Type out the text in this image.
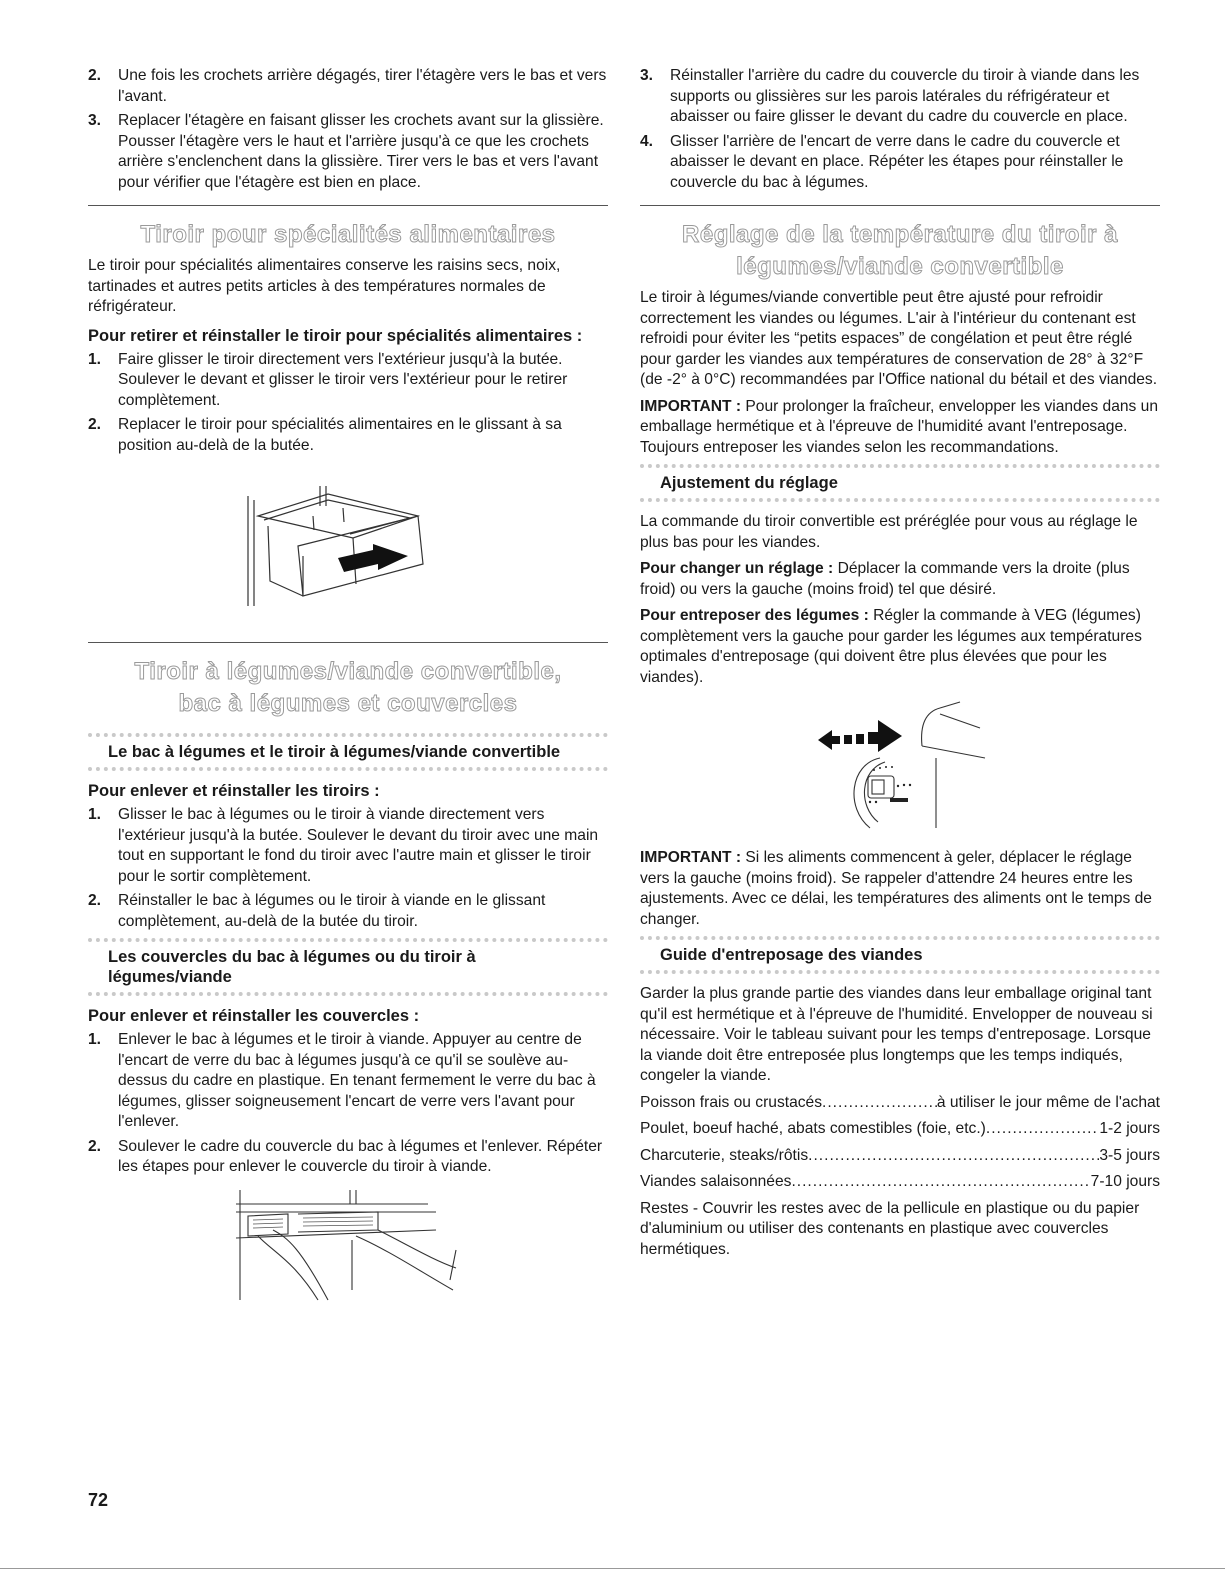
2. Une fois les crochets arrière dégagés, tirer l'étagère vers le bas et vers l'avant.
3. Replacer l'étagère en faisant glisser les crochets avant sur la glissière. Pousser l'étagère vers le haut et l'arrière jusqu'à ce que les crochets arrière s'enclenchent dans la glissière. Tirer vers le bas et vers l'avant pour vérifier que l'étagère est bien en place.
Tiroir pour spécialités alimentaires

Le tiroir pour spécialités alimentaires conserve les raisins secs, noix, tartinades et autres petits articles à des températures normales de réfrigérateur.

Pour retirer et réinstaller le tiroir pour spécialités alimentaires :
1. Faire glisser le tiroir directement vers l'extérieur jusqu'à la butée. Soulever le devant et glisser le tiroir vers l'extérieur pour le retirer complètement.
2. Replacer le tiroir pour spécialités alimentaires en le glissant à sa position au-delà de la butée.
Tiroir à légumes/viande convertible,
bac à légumes et couvercles
Le bac à légumes et le tiroir à légumes/viande convertible
Pour enlever et réinstaller les tiroirs :
1. Glisser le bac à légumes ou le tiroir à viande directement vers l'extérieur jusqu'à la butée. Soulever le devant du tiroir avec une main tout en supportant le fond du tiroir avec l'autre main et glisser le tiroir pour le sortir complètement.
2. Réinstaller le bac à légumes ou le tiroir à viande en le glissant complètement, au-delà de la butée du tiroir.
Les couvercles du bac à légumes ou du tiroir à légumes/viande
Pour enlever et réinstaller les couvercles :
1. Enlever le bac à légumes et le tiroir à viande. Appuyer au centre de l'encart de verre du bac à légumes jusqu'à ce qu'il se soulève au-dessus du cadre en plastique. En tenant fermement le verre du bac à légumes, glisser soigneusement l'encart de verre vers l'avant pour l'enlever.
2. Soulever le cadre du couvercle du bac à légumes et l'enlever. Répéter les étapes pour enlever le couvercle du tiroir à viande.
3. Réinstaller l'arrière du cadre du couvercle du tiroir à viande dans les supports ou glissières sur les parois latérales du réfrigérateur et abaisser ou faire glisser le devant du cadre du couvercle en place.
4. Glisser l'arrière de l'encart de verre dans le cadre du couvercle et abaisser le devant en place. Répéter les étapes pour réinstaller le couvercle du bac à légumes.
Réglage de la température du tiroir à
légumes/viande convertible

Le tiroir à légumes/viande convertible peut être ajusté pour refroidir correctement les viandes ou légumes. L'air à l'intérieur du contenant est refroidi pour éviter les “petits espaces” de congélation et peut être réglé pour garder les viandes aux températures de conservation de 28° à 32°F (de -2° à 0°C) recommandées par l'Office national du bétail et des viandes.

IMPORTANT : Pour prolonger la fraîcheur, envelopper les viandes dans un emballage hermétique et à l'épreuve de l'humidité avant l'entreposage. Toujours entreposer les viandes selon les recommandations.

Ajustement du réglage

La commande du tiroir convertible est préréglée pour vous au réglage le plus bas pour les viandes.

Pour changer un réglage : Déplacer la commande vers la droite (plus froid) ou vers la gauche (moins froid) tel que désiré.

Pour entreposer des légumes : Régler la commande à VEG (légumes) complètement vers la gauche pour garder les légumes aux températures optimales d'entreposage (qui doivent être plus élevées que pour les viandes).

IMPORTANT : Si les aliments commencent à geler, déplacer le réglage vers la gauche (moins froid). Se rappeler d'attendre 24 heures entre les ajustements. Avec ce délai, les températures des aliments ont le temps de changer.

Guide d'entreposage des viandes

Garder la plus grande partie des viandes dans leur emballage original tant qu'il est hermétique et à l'épreuve de l'humidité. Envelopper de nouveau si nécessaire. Voir le tableau suivant pour les temps d'entreposage. Lorsque la viande doit être entreposée plus longtemps que les temps indiqués, congeler la viande.

Poisson frais ou crustacés .....	à utiliser le jour même de l'achat
Poulet, boeuf haché, abats comestibles (foie, etc.) .....	1-2 jours
Charcuterie, steaks/rôtis .....	3-5 jours
Viandes salaisonnées .....	7-10 jours

Restes - Couvrir les restes avec de la pellicule en plastique ou du papier d'aluminium ou utiliser des contenants en plastique avec couvercles hermétiques.

72
